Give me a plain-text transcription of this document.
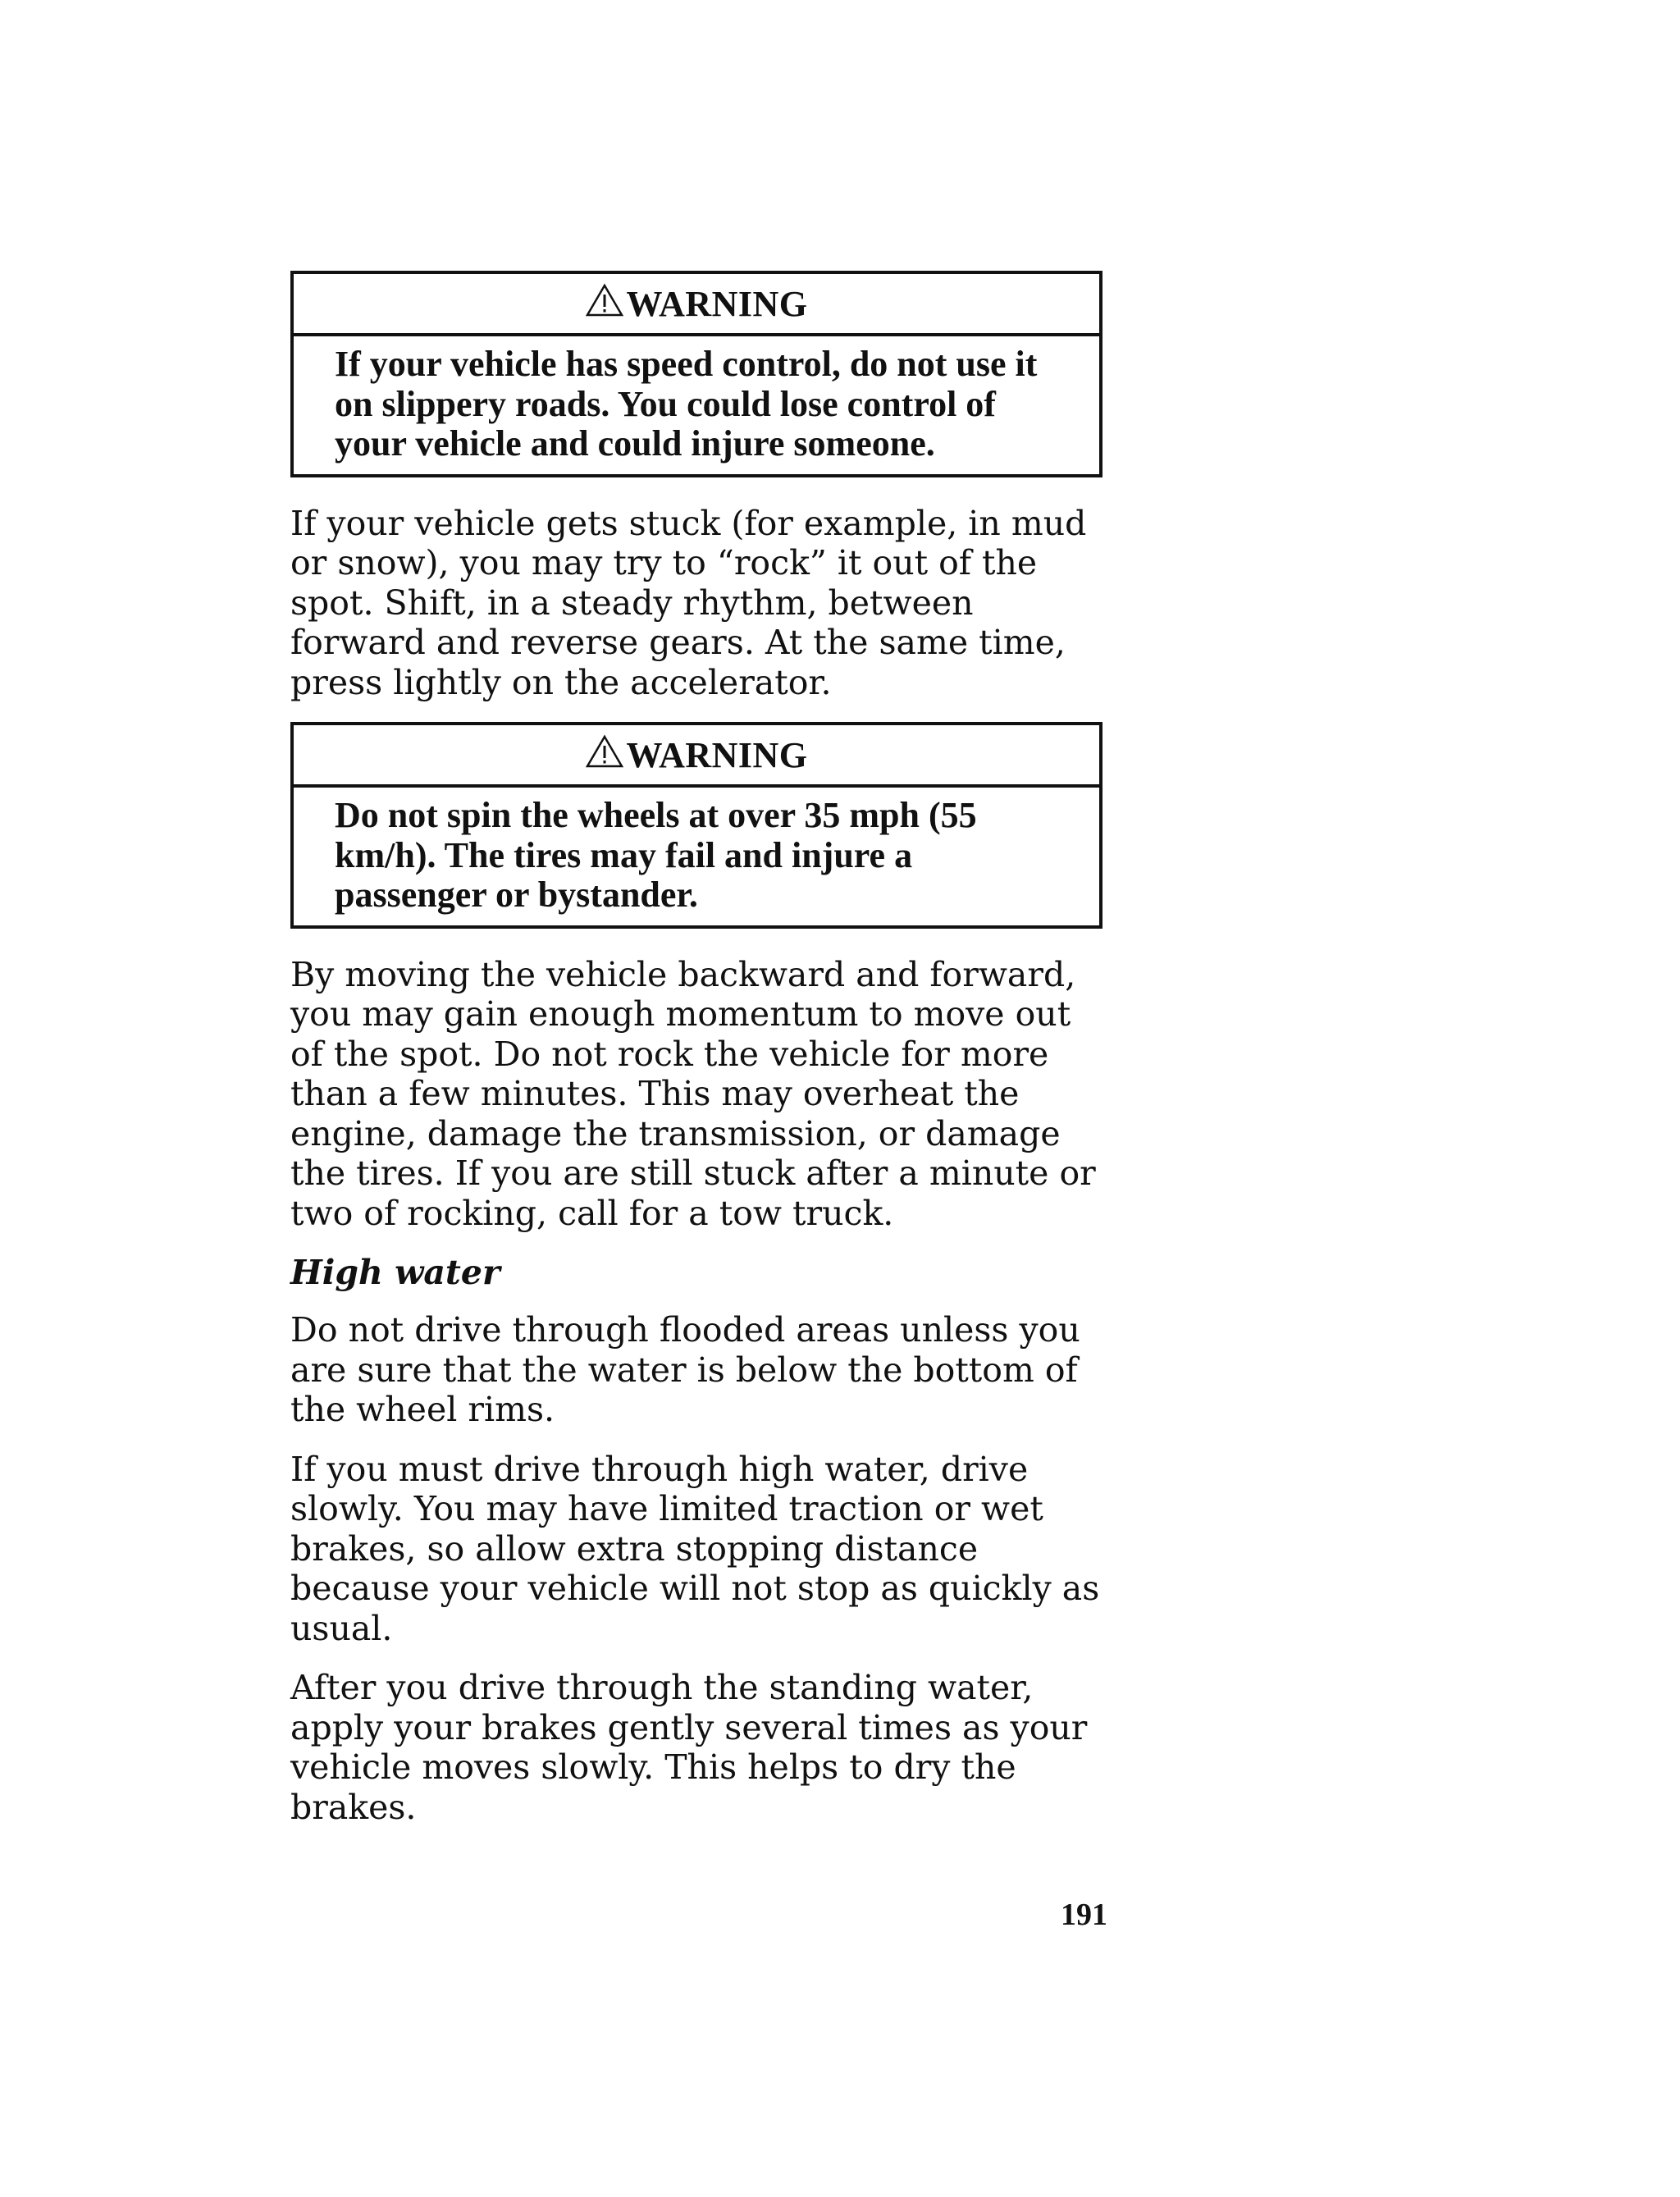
WARNING
If your vehicle has speed control, do not use it on slippery roads. You could lose control of your vehicle and could injure someone.

If your vehicle gets stuck (for example, in mud or snow), you may try to “rock” it out of the spot. Shift, in a steady rhythm, between forward and reverse gears. At the same time, press lightly on the accelerator.

WARNING
Do not spin the wheels at over 35 mph (55 km/h). The tires may fail and injure a passenger or bystander.

By moving the vehicle backward and forward, you may gain enough momentum to move out of the spot. Do not rock the vehicle for more than a few minutes. This may overheat the engine, damage the transmission, or damage the tires. If you are still stuck after a minute or two of rocking, call for a tow truck.

High water

Do not drive through flooded areas unless you are sure that the water is below the bottom of the wheel rims.

If you must drive through high water, drive slowly. You may have limited traction or wet brakes, so allow extra stopping distance because your vehicle will not stop as quickly as usual.

After you drive through the standing water, apply your brakes gently several times as your vehicle moves slowly. This helps to dry the brakes.

191
